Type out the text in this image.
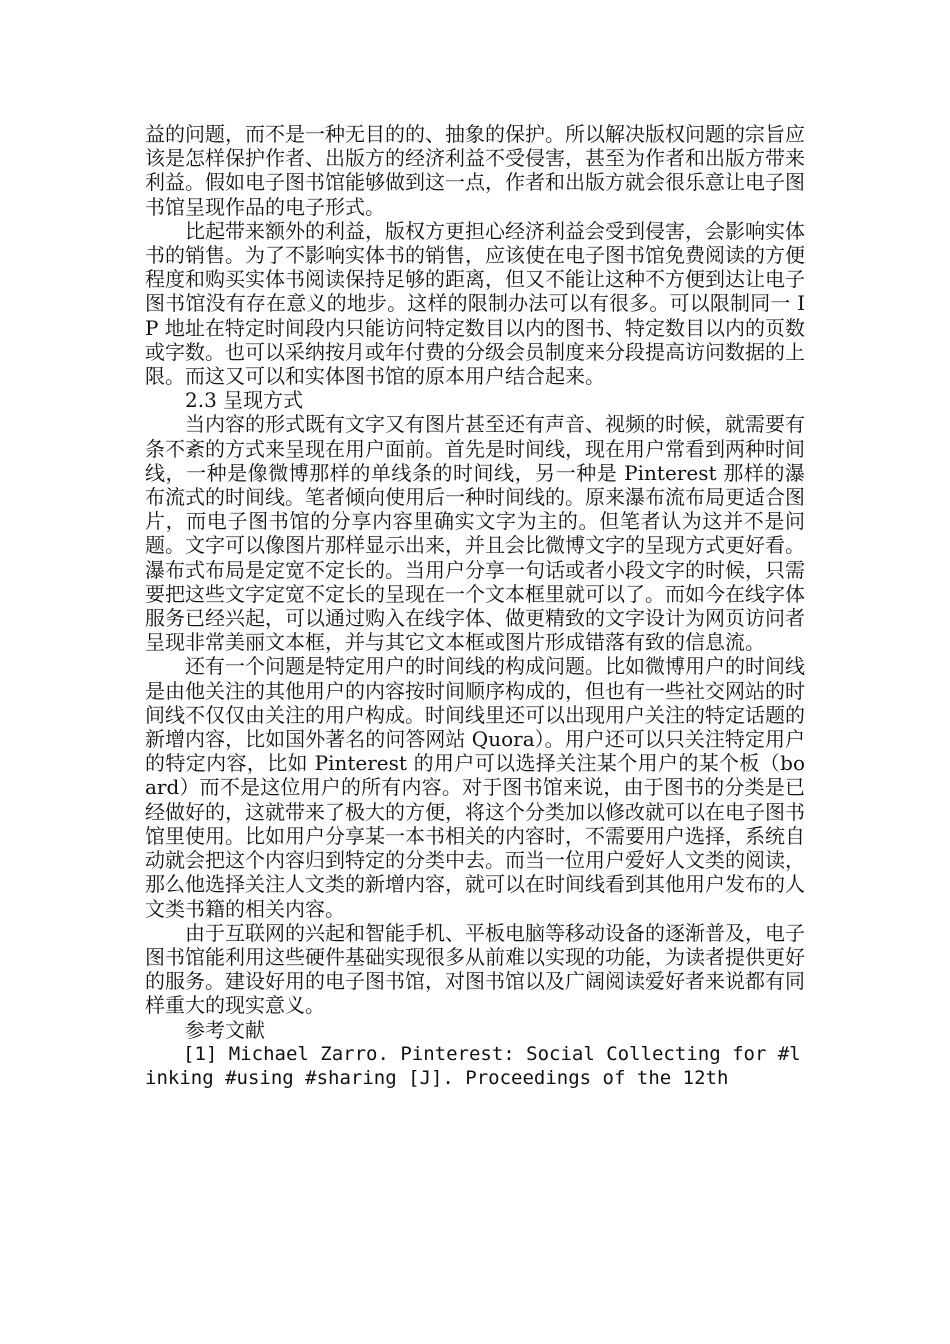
益的问题，而不是一种无目的的、抽象的保护。所以解决版权问题的宗旨应该是怎样保护作者、出版方的经济利益不受侵害，甚至为作者和出版方带来利益。假如电子图书馆能够做到这一点，作者和出版方就会很乐意让电子图书馆呈现作品的电子形式。

比起带来额外的利益，版权方更担心经济利益会受到侵害，会影响实体书的销售。为了不影响实体书的销售，应该使在电子图书馆免费阅读的方便程度和购买实体书阅读保持足够的距离，但又不能让这种不方便到达让电子图书馆没有存在意义的地步。这样的限制办法可以有很多。可以限制同一 IP 地址在特定时间段内只能访问特定数目以内的图书、特定数目以内的页数或字数。也可以采纳按月或年付费的分级会员制度来分段提高访问数据的上限。而这又可以和实体图书馆的原本用户结合起来。

2.3 呈现方式

当内容的形式既有文字又有图片甚至还有声音、视频的时候，就需要有条不紊的方式来呈现在用户面前。首先是时间线，现在用户常看到两种时间线，一种是像微博那样的单线条的时间线，另一种是 Pinterest 那样的瀑布流式的时间线。笔者倾向使用后一种时间线的。原来瀑布流布局更适合图片，而电子图书馆的分享内容里确实文字为主的。但笔者认为这并不是问题。文字可以像图片那样显示出来，并且会比微博文字的呈现方式更好看。瀑布式布局是定宽不定长的。当用户分享一句话或者小段文字的时候，只需要把这些文字定宽不定长的呈现在一个文本框里就可以了。而如今在线字体服务已经兴起，可以通过购入在线字体、做更精致的文字设计为网页访问者呈现非常美丽文本框，并与其它文本框或图片形成错落有致的信息流。

还有一个问题是特定用户的时间线的构成问题。比如微博用户的时间线是由他关注的其他用户的内容按时间顺序构成的，但也有一些社交网站的时间线不仅仅由关注的用户构成。时间线里还可以出现用户关注的特定话题的新增内容，比如国外著名的问答网站 Quora）。用户还可以只关注特定用户的特定内容，比如 Pinterest 的用户可以选择关注某个用户的某个板（board）而不是这位用户的所有内容。对于图书馆来说，由于图书的分类是已经做好的，这就带来了极大的方便，将这个分类加以修改就可以在电子图书馆里使用。比如用户分享某一本书相关的内容时，不需要用户选择，系统自动就会把这个内容归到特定的分类中去。而当一位用户爱好人文类的阅读，那么他选择关注人文类的新增内容，就可以在时间线看到其他用户发布的人文类书籍的相关内容。

由于互联网的兴起和智能手机、平板电脑等移动设备的逐渐普及，电子图书馆能利用这些硬件基础实现很多从前难以实现的功能，为读者提供更好的服务。建设好用的电子图书馆，对图书馆以及广阔阅读爱好者来说都有同样重大的现实意义。

参考文献

[1] Michael Zarro. Pinterest: Social Collecting for #linking #using #sharing [J]. Proceedings of the 12th
